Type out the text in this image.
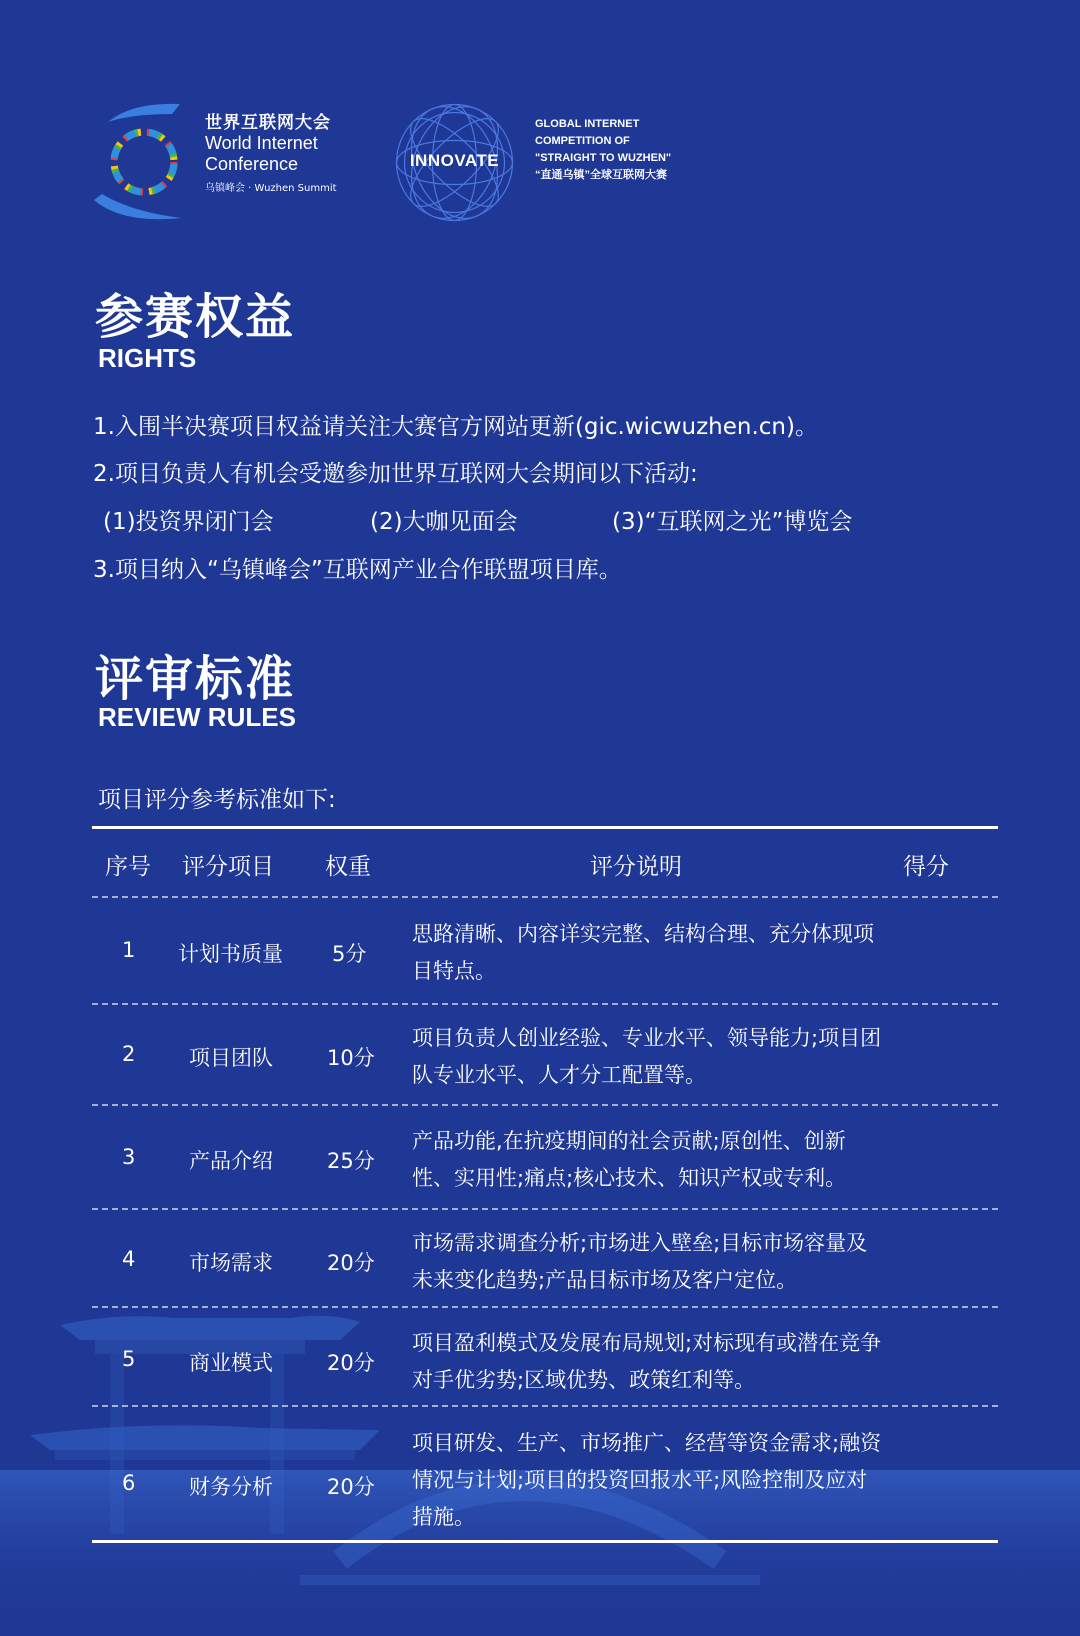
世界互联网大会
World Internet
Conference
乌镇峰会 · Wuzhen Summit
INNOVATE
GLOBAL INTERNET
COMPETITION OF
"STRAIGHT TO WUZHEN"
“直通乌镇”全球互联网大赛
参赛权益
RIGHTS
1.入围半决赛项目权益请关注大赛官方网站更新(gic.wicwuzhen.cn)。
2.项目负责人有机会受邀参加世界互联网大会期间以下活动:
(1)投资界闭门会	(2)大咖见面会	(3)“互联网之光”博览会
3.项目纳入“乌镇峰会”互联网产业合作联盟项目库。
评审标准
REVIEW RULES
项目评分参考标准如下:
序号 评分项目 权重	评分说明	得分
1 计划书质量 5分
思路清晰、内容详实完整、结构合理、充分体现项目特点。
2	项目团队	10分
项目负责人创业经验、专业水平、领导能力;项目团队专业水平、人才分工配置等。
3	产品介绍	25分
产品功能,在抗疫期间的社会贡献;原创性、创新性、实用性;痛点;核心技术、知识产权或专利。
4	市场需求	20分
市场需求调查分析;市场进入壁垒;目标市场容量及未来变化趋势;产品目标市场及客户定位。
5	商业模式	20分
项目盈利模式及发展布局规划;对标现有或潜在竞争对手优劣势;区域优势、政策红利等。
6	财务分析	20分
项目研发、生产、市场推广、经营等资金需求;融资情况与计划;项目的投资回报水平;风险控制及应对措施。
